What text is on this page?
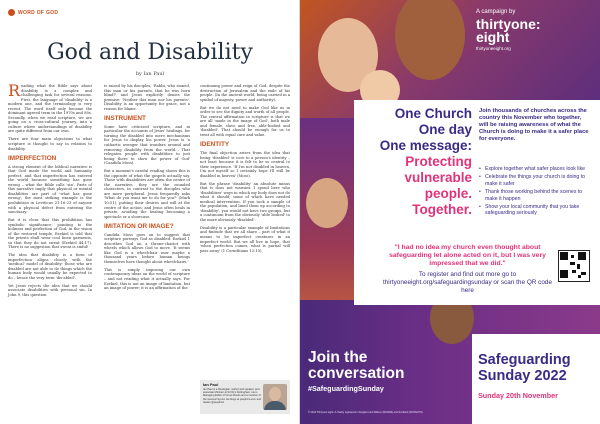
WORD OF GOD
God and Disability
by Ian Paul

Reading what the Bible says about disability is a complex and challenging task for several reasons. First, the language of 'disability' is a modern one, and the terminology is very recent. The word itself only became the dominant agreed term in the 1970s and 80s. Secondly, when we read scripture, we are going on a cross-cultural journey, into a culture where understandings of disability are quite different from our own.

There are four main objections to what scripture is thought to say in relation to disability.

IMPERFECTION

A strong element of the biblical narrative is that God made the world and humanity perfect, and that imperfection has entered the world because something has gone wrong – what the Bible calls 'sin'. Parts of this narrative imply that physical or mental disabilities are part of 'what has gone wrong'; the most striking example is the prohibition in Leviticus 21:16-23 of anyone with a physical defect from entering the sanctuary.

But it is clear that this prohibition has symbolic significance, pointing to the holiness and perfection of God, in the vision of the restored temple, Ezekiel is told that the priests shall wear cool linen garments, so that they do not sweat (Ezekiel 44:17). There is no suggestion that sweat is sinful!

The idea that disability is a form of imperfection aligns closely with the 'medical' model of disability: those who are disabled are not able to do things which the human body would usually be expected to do – hence the very term 'dis-abled'.

Yet Jesus rejects the idea that we should associate disabilities with personal sin. In John 9, this question

is raised by his disciples, 'Rabbi, who sinned, this man or his parents, that he was born blind?' and Jesus explicitly denies the premise: 'Neither this man nor his parents'. Disability is an opportunity for grace, not a reason for blame.

INSTRUMENT

Some have criticised scripture, and in particular the accounts of Jesus' healings, for turning the disabled into mere mechanisms for Jesus to display his power. Jesus is 'a cathartic avenger that wonders around and removing disability from the world… That relegates people with disabilities to just being there to show the power of God' (Candida Moss).

But a moment's careful reading shows this is the opposite of what the gospels actually say. Those with disabilities are often the centre of the narrative, they are the rounded characters, in contrast to the disciples who are more peripheral. Jesus frequently asks 'What do you want me to do for you?' (Mark 10:51), putting their desires and will at the centre of the action; and Jesus often heals in private, avoiding the healing becoming a spectacle or a showcase.

IMITATION OR IMAGE?

Candida Moss goes on to suggest that scripture portrays God as disabled: Ezekiel 1 describes God on a throne-chariot with wheels which allows God to move. 'It seems like God is a wheelchair user maybe a thousand years before human beings themselves have thought about wheelchairs.'

This is simply imposing our own contemporary ideas on the world of scripture – and not reading what it actually says. For Ezekiel, this is not an image of limitation, but an image of power; it is an affirmation of the

continuing power and reign of God, despite the destruction of Jerusalem and the exile of his people. (In the ancient world, being carried in a symbol of majesty, power and authority).

But we do not need to make God like us in order to see the dignity and worth of all people. The central affirmation in scripture is that we are all 'made in the image of God', both male and female, slave and free, able-bodied and 'disabled'. That should be enough for us to treat all with equal care and value.

IDENTITY

The final objection arises from the idea that being 'disabled' is core to a person's identity – not least because it is felt to be so central to their experience. 'If I'm not disabled in heaven, I'm not myself so I certainly hope I'll still be disabled in heaven' (Moss).

But the phrase 'disability' an absolute minus that is does not warrant. I spend here who 'disabilities' ways in which my body does not do what it should; some of which have needed medical intervention. If you took a sample of the population, and lined them up according to 'disability', you would not have two groups, but a continuum from the obviously 'able bodied' to the more obviously 'disabled'.

Disability is a particular example of limitations and finitude that we all share – part of what it means to be imperfect creatures in an imperfect world. But we all live in hope, that 'when perfection comes, what is partial will pass away' (1 Corinthians 13:10).

Ian Paul
Ian Paul is a theologian, author and speaker, and associate Minister at St Nic's Nottingham. He is Managing Editor of Grove Books and a member of the General Synod. He blogs at psephizo.com and tweets @psephizo
A campaign by
thirtyone:
eight
thirtyoneeight.org
One Church
One day
One message:
Protecting
vulnerable people.
Together.
Join thousands of churches across the country this November who together, will be raising awareness of what the Church is doing to make it a safer place for everyone.
• Explore together what safer places look like
• Celebrate the things your church is doing to make it safer
• Thank those working behind the scenes to make it happen
• Show your local community that you take safeguarding seriously
"I had no idea my church even thought about safeguarding let alone acted on it, but I was very impressed that we did."
To register and find out more go to thirtyoneeight.org/safeguardingsunday or scan the QR code here
Join the
conversation
#SafeguardingSunday
© 2022 Thirtyone:eight. A charity registered in England and Wales (1004490) and Scotland (SC052276).
Safeguarding
Sunday 2022
Sunday 20th November
